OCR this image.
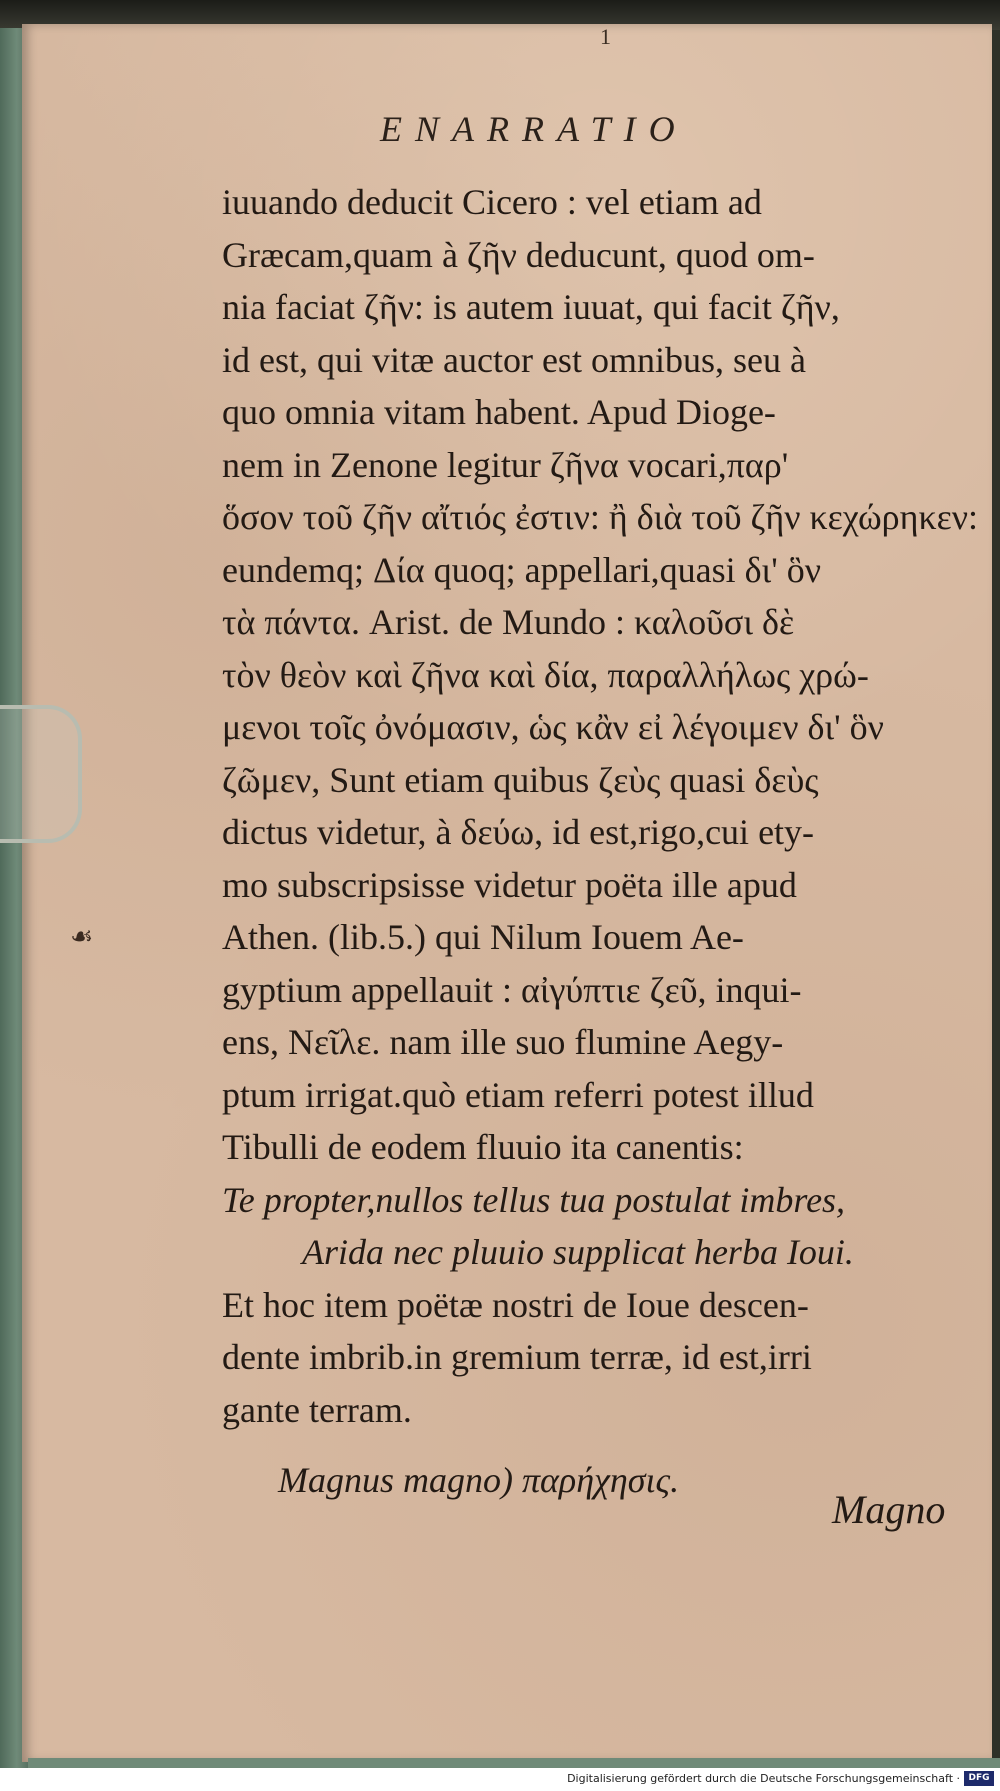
1
ENARRATIO
☙
iuuando deducit Cicero : vel etiam ad
Græcam,quam à ζῆν deducunt, quod om-
nia faciat ζῆν: is autem iuuat, qui facit ζῆν,
id est, qui vitæ auctor est omnibus, seu à
quo omnia vitam habent. Apud Dioge-
nem in Zenone legitur ζῆνα vocari,παρ'
ὅσον τοῦ ζῆν αἴτιός ἐστιν: ἢ διὰ τοῦ ζῆν κεχώρηκεν:
eundemq; Δία quoq; appellari,quasi δι' ὃν
τὰ πάντα. Arist. de Mundo : καλοῦσι δὲ
τὸν θεὸν καὶ ζῆνα καὶ δία, παραλλήλως χρώ-
μενοι τοῖς ὀνόμασιν, ὡς κἂν εἰ λέγοιμεν δι' ὃν
ζῶμεν, Sunt etiam quibus ζεὺς quasi δεὺς
dictus videtur, à δεύω, id est,rigo,cui ety-
mo subscripsisse videtur poëta ille apud
Athen. (lib.5.) qui Nilum Iouem Ae-
gyptium appellauit : αἰγύπτιε ζεῦ, inqui-
ens, Νεῖλε. nam ille suo flumine Aegy-
ptum irrigat.quò etiam referri potest illud
Tibulli de eodem fluuio ita canentis:
Te propter,nullos tellus tua postulat imbres,
Arida nec pluuio supplicat herba Ioui.
Et hoc item poëtæ nostri de Ioue descen-
dente imbrib.in gremium terræ, id est,irri
gante terram.
Magnus magno) παρήχησις.
Magno
Digitalisierung gefördert durch die Deutsche Forschungsgemeinschaft · DFG
